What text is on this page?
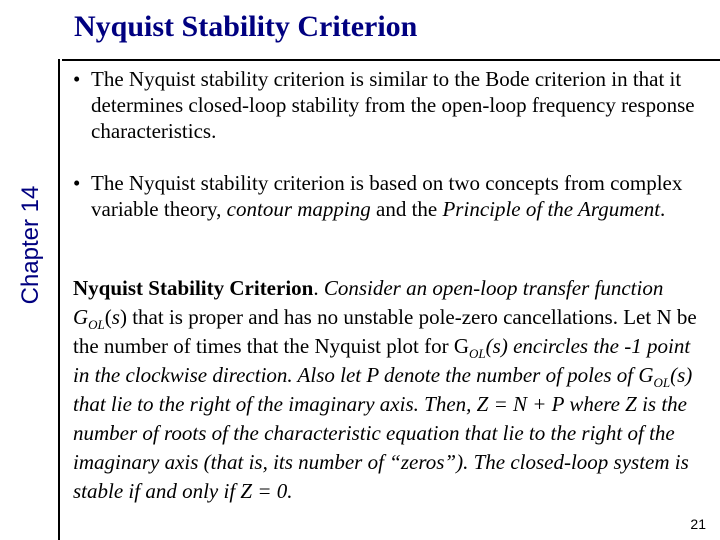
Nyquist Stability Criterion
Chapter 14
• The Nyquist stability criterion is similar to the Bode criterion in that it determines closed-loop stability from the open-loop frequency response characteristics.
• The Nyquist stability criterion is based on two concepts from complex variable theory, contour mapping and the Principle of the Argument.
Nyquist Stability Criterion. Consider an open-loop transfer function $G_{OL}(s)$ that is proper and has no unstable pole-zero cancellations. Let N be the number of times that the Nyquist plot for $G_{OL}(s)$ encircles the -1 point in the clockwise direction. Also let P denote the number of poles of $G_{OL}(s)$ that lie to the right of the imaginary axis. Then, Z = N + P where Z is the number of roots of the characteristic equation that lie to the right of the imaginary axis (that is, its number of “zeros”). The closed-loop system is stable if and only if Z = 0.
21
